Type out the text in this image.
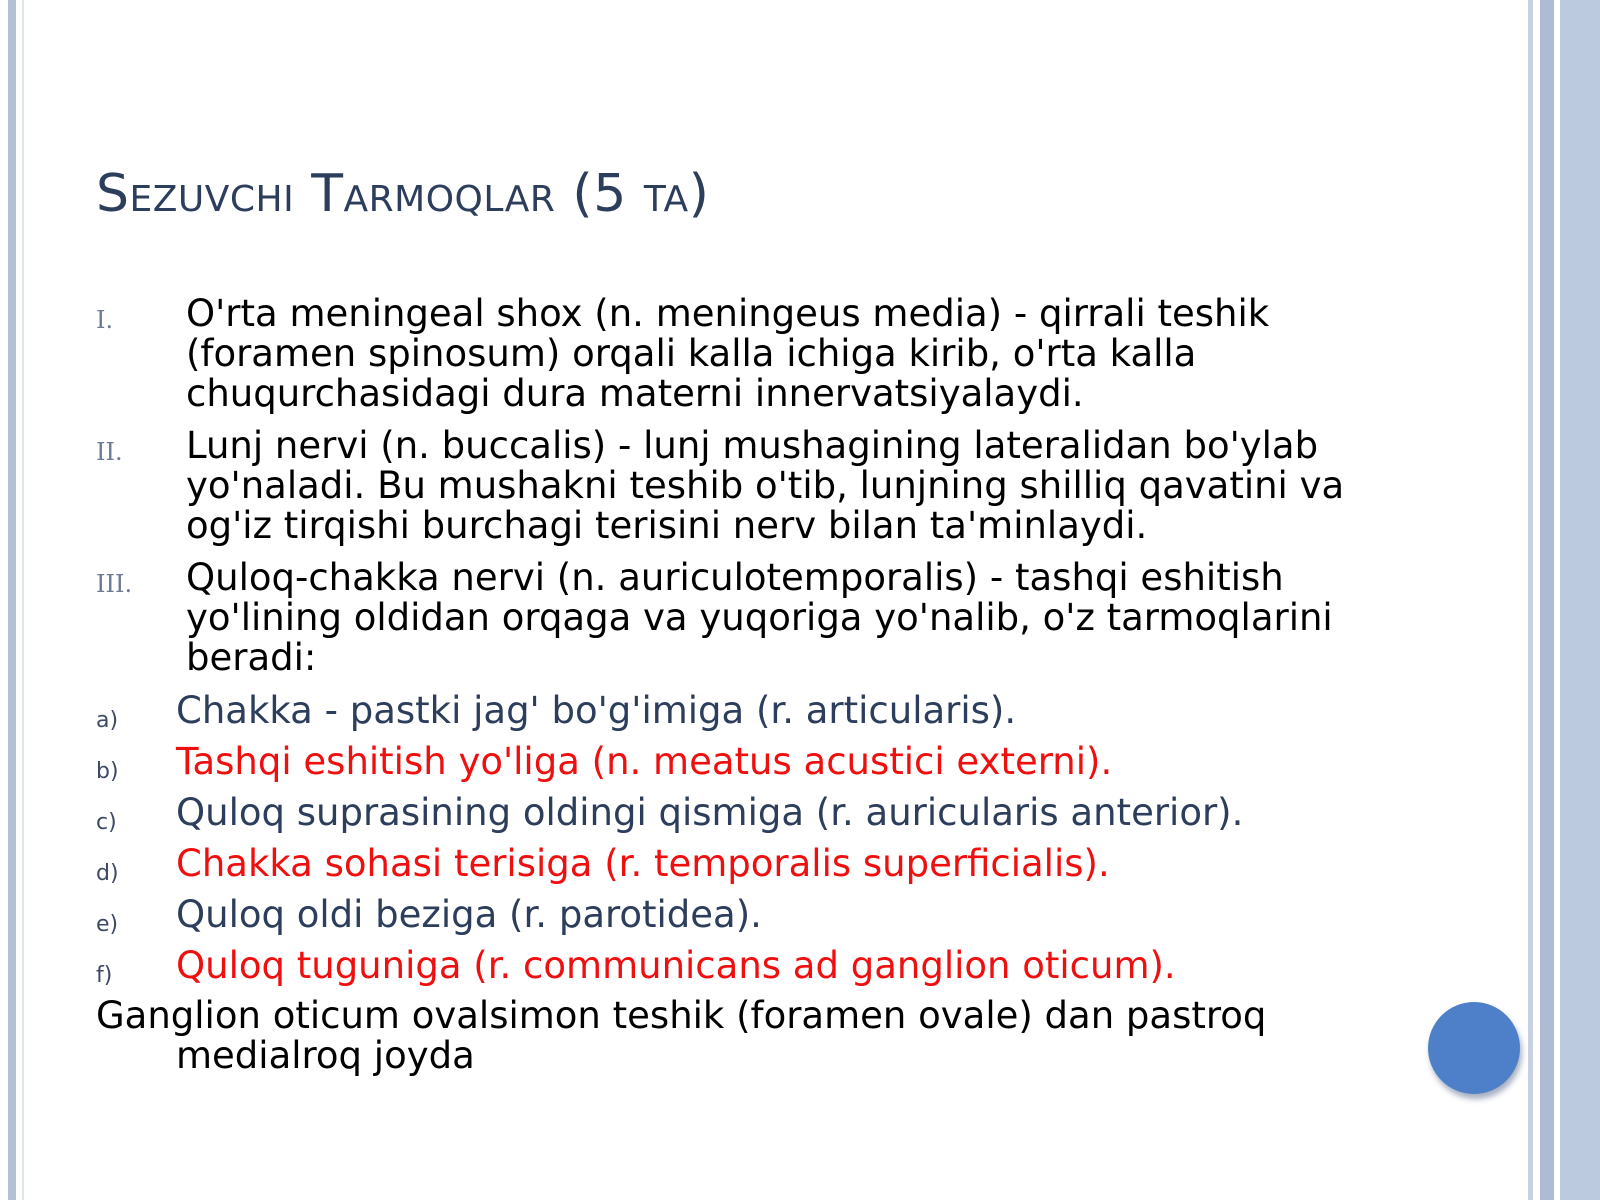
Sezuvchi Tarmoqlar (5 ta)
I. O'rta meningeal shox (n. meningeus media) - qirrali teshik (foramen spinosum) orqali kalla ichiga kirib, o'rta kalla chuqurchasidagi dura materni innervatsiyalaydi.
II. Lunj nervi (n. buccalis) - lunj mushagining lateralidan bo'ylab yo'naladi. Bu mushakni teshib o'tib, lunjning shilliq qavatini va og'iz tirqishi burchagi terisini nerv bilan ta'minlaydi.
III. Quloq-chakka nervi (n. auriculotemporalis) - tashqi eshitish yo'lining oldidan orqaga va yuqoriga yo'nalib, o'z tarmoqlarini beradi:
a) Chakka - pastki jag' bo'g'imiga (r. articularis).
b) Tashqi eshitish yo'liga (n. meatus acustici externi).
c) Quloq suprasining oldingi qismiga (r. auricularis anterior).
d) Chakka sohasi terisiga (r. temporalis superficialis).
e) Quloq oldi beziga (r. parotidea).
f) Quloq tuguniga (r. communicans ad ganglion oticum).
Ganglion oticum ovalsimon teshik (foramen ovale) dan pastroq medialroq joyda
